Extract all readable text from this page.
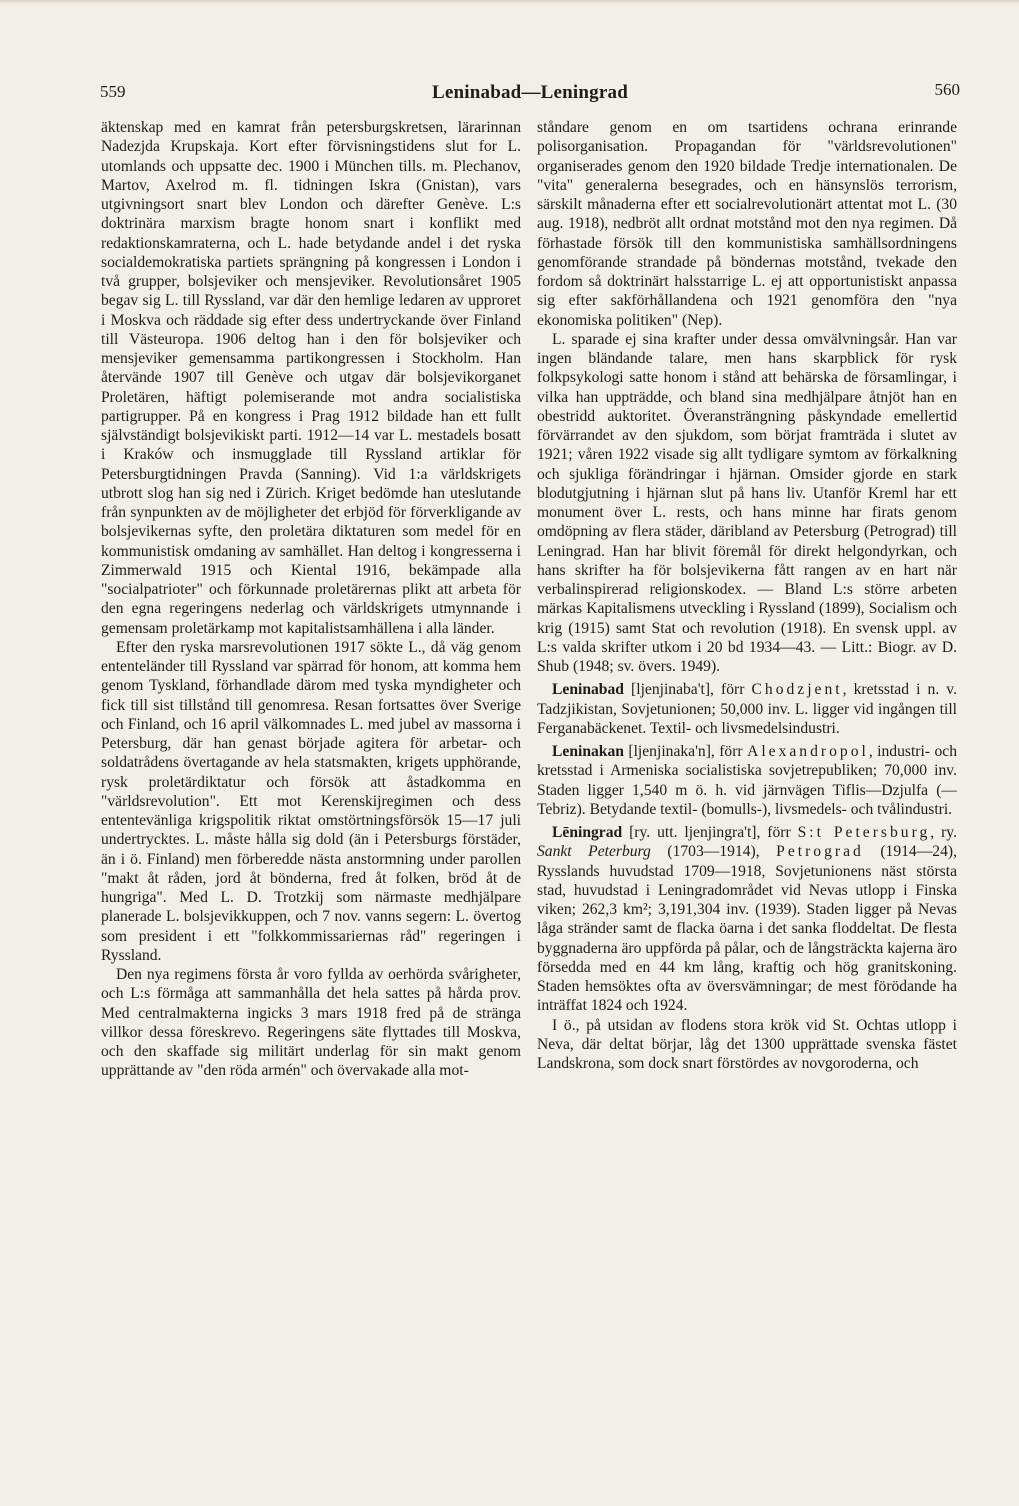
559	Leninabad—Leningrad	560

äktenskap med en kamrat från petersburgskretsen, lärarinnan Nadezjda Krupskaja. Kort efter förvisningstidens slut for L. utomlands och uppsatte dec. 1900 i München tills. m. Plechanov, Martov, Axelrod m. fl. tidningen Iskra (Gnistan), vars utgivningsort snart blev London och därefter Genève. L:s doktrinära marxism bragte honom snart i konflikt med redaktionskamraterna, och L. hade betydande andel i det ryska socialdemokratiska partiets sprängning på kongressen i London i två grupper, bolsjeviker och mensjeviker. Revolutionsåret 1905 begav sig L. till Ryssland, var där den hemlige ledaren av upproret i Moskva och räddade sig efter dess undertryckande över Finland till Västeuropa. 1906 deltog han i den för bolsjeviker och mensjeviker gemensamma partikongressen i Stockholm. Han återvände 1907 till Genève och utgav där bolsjevikorganet Proletären, häftigt polemiserande mot andra socialistiska partigrupper. På en kongress i Prag 1912 bildade han ett fullt självständigt bolsjevikiskt parti. 1912—14 var L. mestadels bosatt i Kraków och insmugglade till Ryssland artiklar för Petersburgtidningen Pravda (Sanning). Vid 1:a världskrigets utbrott slog han sig ned i Zürich. Kriget bedömde han uteslutande från synpunkten av de möjligheter det erbjöd för förverkligande av bolsjevikernas syfte, den proletära diktaturen som medel för en kommunistisk omdaning av samhället. Han deltog i kongresserna i Zimmerwald 1915 och Kiental 1916, bekämpade alla "socialpatrioter" och förkunnade proletärernas plikt att arbeta för den egna regeringens nederlag och världskrigets utmynnande i gemensam proletärkamp mot kapitalistsamhällena i alla länder.

Efter den ryska marsrevolutionen 1917 sökte L., då väg genom ententeländer till Ryssland var spärrad för honom, att komma hem genom Tyskland, förhandlade därom med tyska myndigheter och fick till sist tillstånd till genomresa. Resan fortsattes över Sverige och Finland, och 16 april välkomnades L. med jubel av massorna i Petersburg, där han genast började agitera för arbetar- och soldatrådens övertagande av hela statsmakten, krigets upphörande, rysk proletärdiktatur och försök att åstadkomma en "världsrevolution". Ett mot Kerenskijregimen och dess ententevänliga krigspolitik riktat omstörtningsförsök 15—17 juli undertrycktes. L. måste hålla sig dold (än i Petersburgs förstäder, än i ö. Finland) men förberedde nästa anstormning under parollen "makt åt råden, jord åt bönderna, fred åt folken, bröd åt de hungriga". Med L. D. Trotzkij som närmaste medhjälpare planerade L. bolsjevikkuppen, och 7 nov. vanns segern: L. övertog som president i ett "folkkommissariernas råd" regeringen i Ryssland.

Den nya regimens första år voro fyllda av oerhörda svårigheter, och L:s förmåga att sammanhålla det hela sattes på hårda prov. Med centralmakterna ingicks 3 mars 1918 fred på de stränga villkor dessa föreskrevo. Regeringens säte flyttades till Moskva, och den skaffade sig militärt underlag för sin makt genom upprättande av "den röda armén" och övervakade alla mot-

ståndare genom en om tsartidens ochrana erinrande polisorganisation. Propagandan för "världsrevolutionen" organiserades genom den 1920 bildade Tredje internationalen. De "vita" generalerna besegrades, och en hänsynslös terrorism, särskilt månaderna efter ett socialrevolutionärt attentat mot L. (30 aug. 1918), nedbröt allt ordnat motstånd mot den nya regimen. Då förhastade försök till den kommunistiska samhällsordningens genomförande strandade på böndernas motstånd, tvekade den fordom så doktrinärt halsstarrige L. ej att opportunistiskt anpassa sig efter sakförhållandena och 1921 genomföra den "nya ekonomiska politiken" (Nep).

L. sparade ej sina krafter under dessa omvälvningsår. Han var ingen bländande talare, men hans skarpblick för rysk folkpsykologi satte honom i stånd att behärska de församlingar, i vilka han uppträdde, och bland sina medhjälpare åtnjöt han en obestridd auktoritet. Överansträngning påskyndade emellertid förvärrandet av den sjukdom, som börjat framträda i slutet av 1921; våren 1922 visade sig allt tydligare symtom av förkalkning och sjukliga förändringar i hjärnan. Omsider gjorde en stark blodutgjutning i hjärnan slut på hans liv. Utanför Kreml har ett monument över L. rests, och hans minne har firats genom omdöpning av flera städer, däribland av Petersburg (Petrograd) till Leningrad. Han har blivit föremål för direkt helgondyrkan, och hans skrifter ha för bolsjevikerna fått rangen av en hart när verbalinspirerad religionskodex. — Bland L:s större arbeten märkas Kapitalismens utveckling i Ryssland (1899), Socialism och krig (1915) samt Stat och revolution (1918). En svensk uppl. av L:s valda skrifter utkom i 20 bd 1934—43. — Litt.: Biogr. av D. Shub (1948; sv. övers. 1949).

Leninabad [ljenjinaba't], förr Chodzjent, kretsstad i n. v. Tadzjikistan, Sovjetunionen; 50,000 inv. L. ligger vid ingången till Ferganabäckenet. Textil- och livsmedelsindustri.

Leninakan [ljenjinaka'n], förr Alexandropol, industri- och kretsstad i Armeniska socialistiska sovjetrepubliken; 70,000 inv. Staden ligger 1,540 m ö. h. vid järnvägen Tiflis—Dzjulfa (—Tebriz). Betydande textil- (bomulls-), livsmedels- och tvålindustri.

Lēningrad [ry. utt. ljenjingra't], förr S:t Petersburg, ry. Sankt Peterburg (1703—1914), Petrograd (1914—24), Rysslands huvudstad 1709—1918, Sovjetunionens näst största stad, huvudstad i Leningradområdet vid Nevas utlopp i Finska viken; 262,3 km²; 3,191,304 inv. (1939). Staden ligger på Nevas låga stränder samt de flacka öarna i det sanka floddeltat. De flesta byggnaderna äro uppförda på pålar, och de långsträckta kajerna äro försedda med en 44 km lång, kraftig och hög granitskoning. Staden hemsöktes ofta av översvämningar; de mest förödande ha inträffat 1824 och 1924.

I ö., på utsidan av flodens stora krök vid St. Ochtas utlopp i Neva, där deltat börjar, låg det 1300 upprättade svenska fästet Landskrona, som dock snart förstördes av novgoroderna, och
